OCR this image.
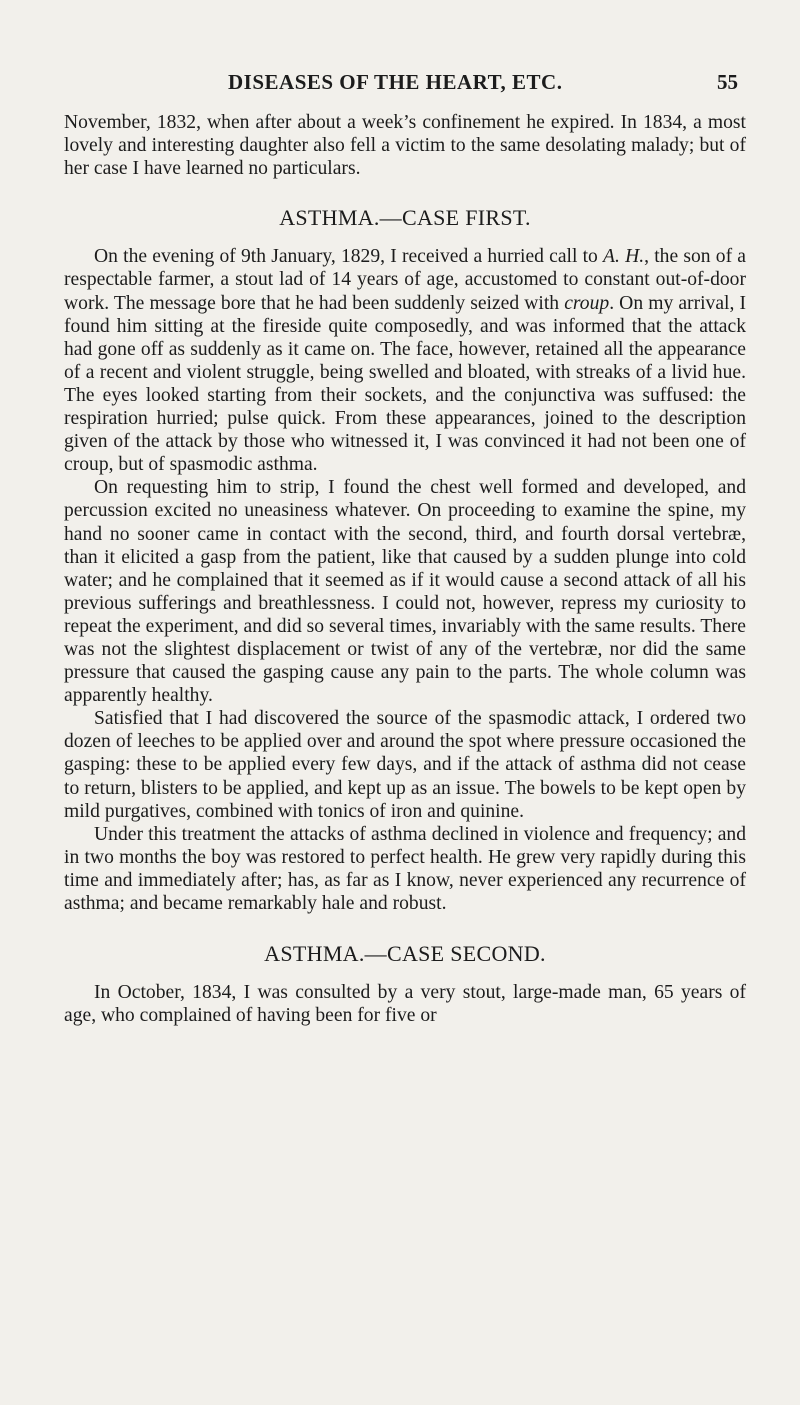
DISEASES OF THE HEART, ETC.	55

November, 1832, when after about a week’s confinement he expired. In 1834, a most lovely and interesting daughter also fell a victim to the same desolating malady; but of her case I have learned no particulars.

ASTHMA.—CASE FIRST.

On the evening of 9th January, 1829, I received a hurried call to A. H., the son of a respectable farmer, a stout lad of 14 years of age, accustomed to constant out-of-door work. The message bore that he had been suddenly seized with croup. On my arrival, I found him sitting at the fireside quite composedly, and was informed that the attack had gone off as suddenly as it came on. The face, however, retained all the appearance of a recent and violent struggle, being swelled and bloated, with streaks of a livid hue. The eyes looked starting from their sockets, and the conjunctiva was suffused: the respiration hurried; pulse quick. From these appearances, joined to the description given of the attack by those who witnessed it, I was convinced it had not been one of croup, but of spasmodic asthma.

On requesting him to strip, I found the chest well formed and developed, and percussion excited no uneasiness whatever. On proceeding to examine the spine, my hand no sooner came in contact with the second, third, and fourth dorsal vertebræ, than it elicited a gasp from the patient, like that caused by a sudden plunge into cold water; and he complained that it seemed as if it would cause a second attack of all his previous sufferings and breathlessness. I could not, however, repress my curiosity to repeat the experiment, and did so several times, invariably with the same results. There was not the slightest displacement or twist of any of the vertebræ, nor did the same pressure that caused the gasping cause any pain to the parts. The whole column was apparently healthy.

Satisfied that I had discovered the source of the spasmodic attack, I ordered two dozen of leeches to be applied over and around the spot where pressure occasioned the gasping: these to be applied every few days, and if the attack of asthma did not cease to return, blisters to be applied, and kept up as an issue. The bowels to be kept open by mild purgatives, combined with tonics of iron and quinine.

Under this treatment the attacks of asthma declined in violence and frequency; and in two months the boy was restored to perfect health. He grew very rapidly during this time and immediately after; has, as far as I know, never experienced any recurrence of asthma; and became remarkably hale and robust.

ASTHMA.—CASE SECOND.

In October, 1834, I was consulted by a very stout, large-made man, 65 years of age, who complained of having been for five or
